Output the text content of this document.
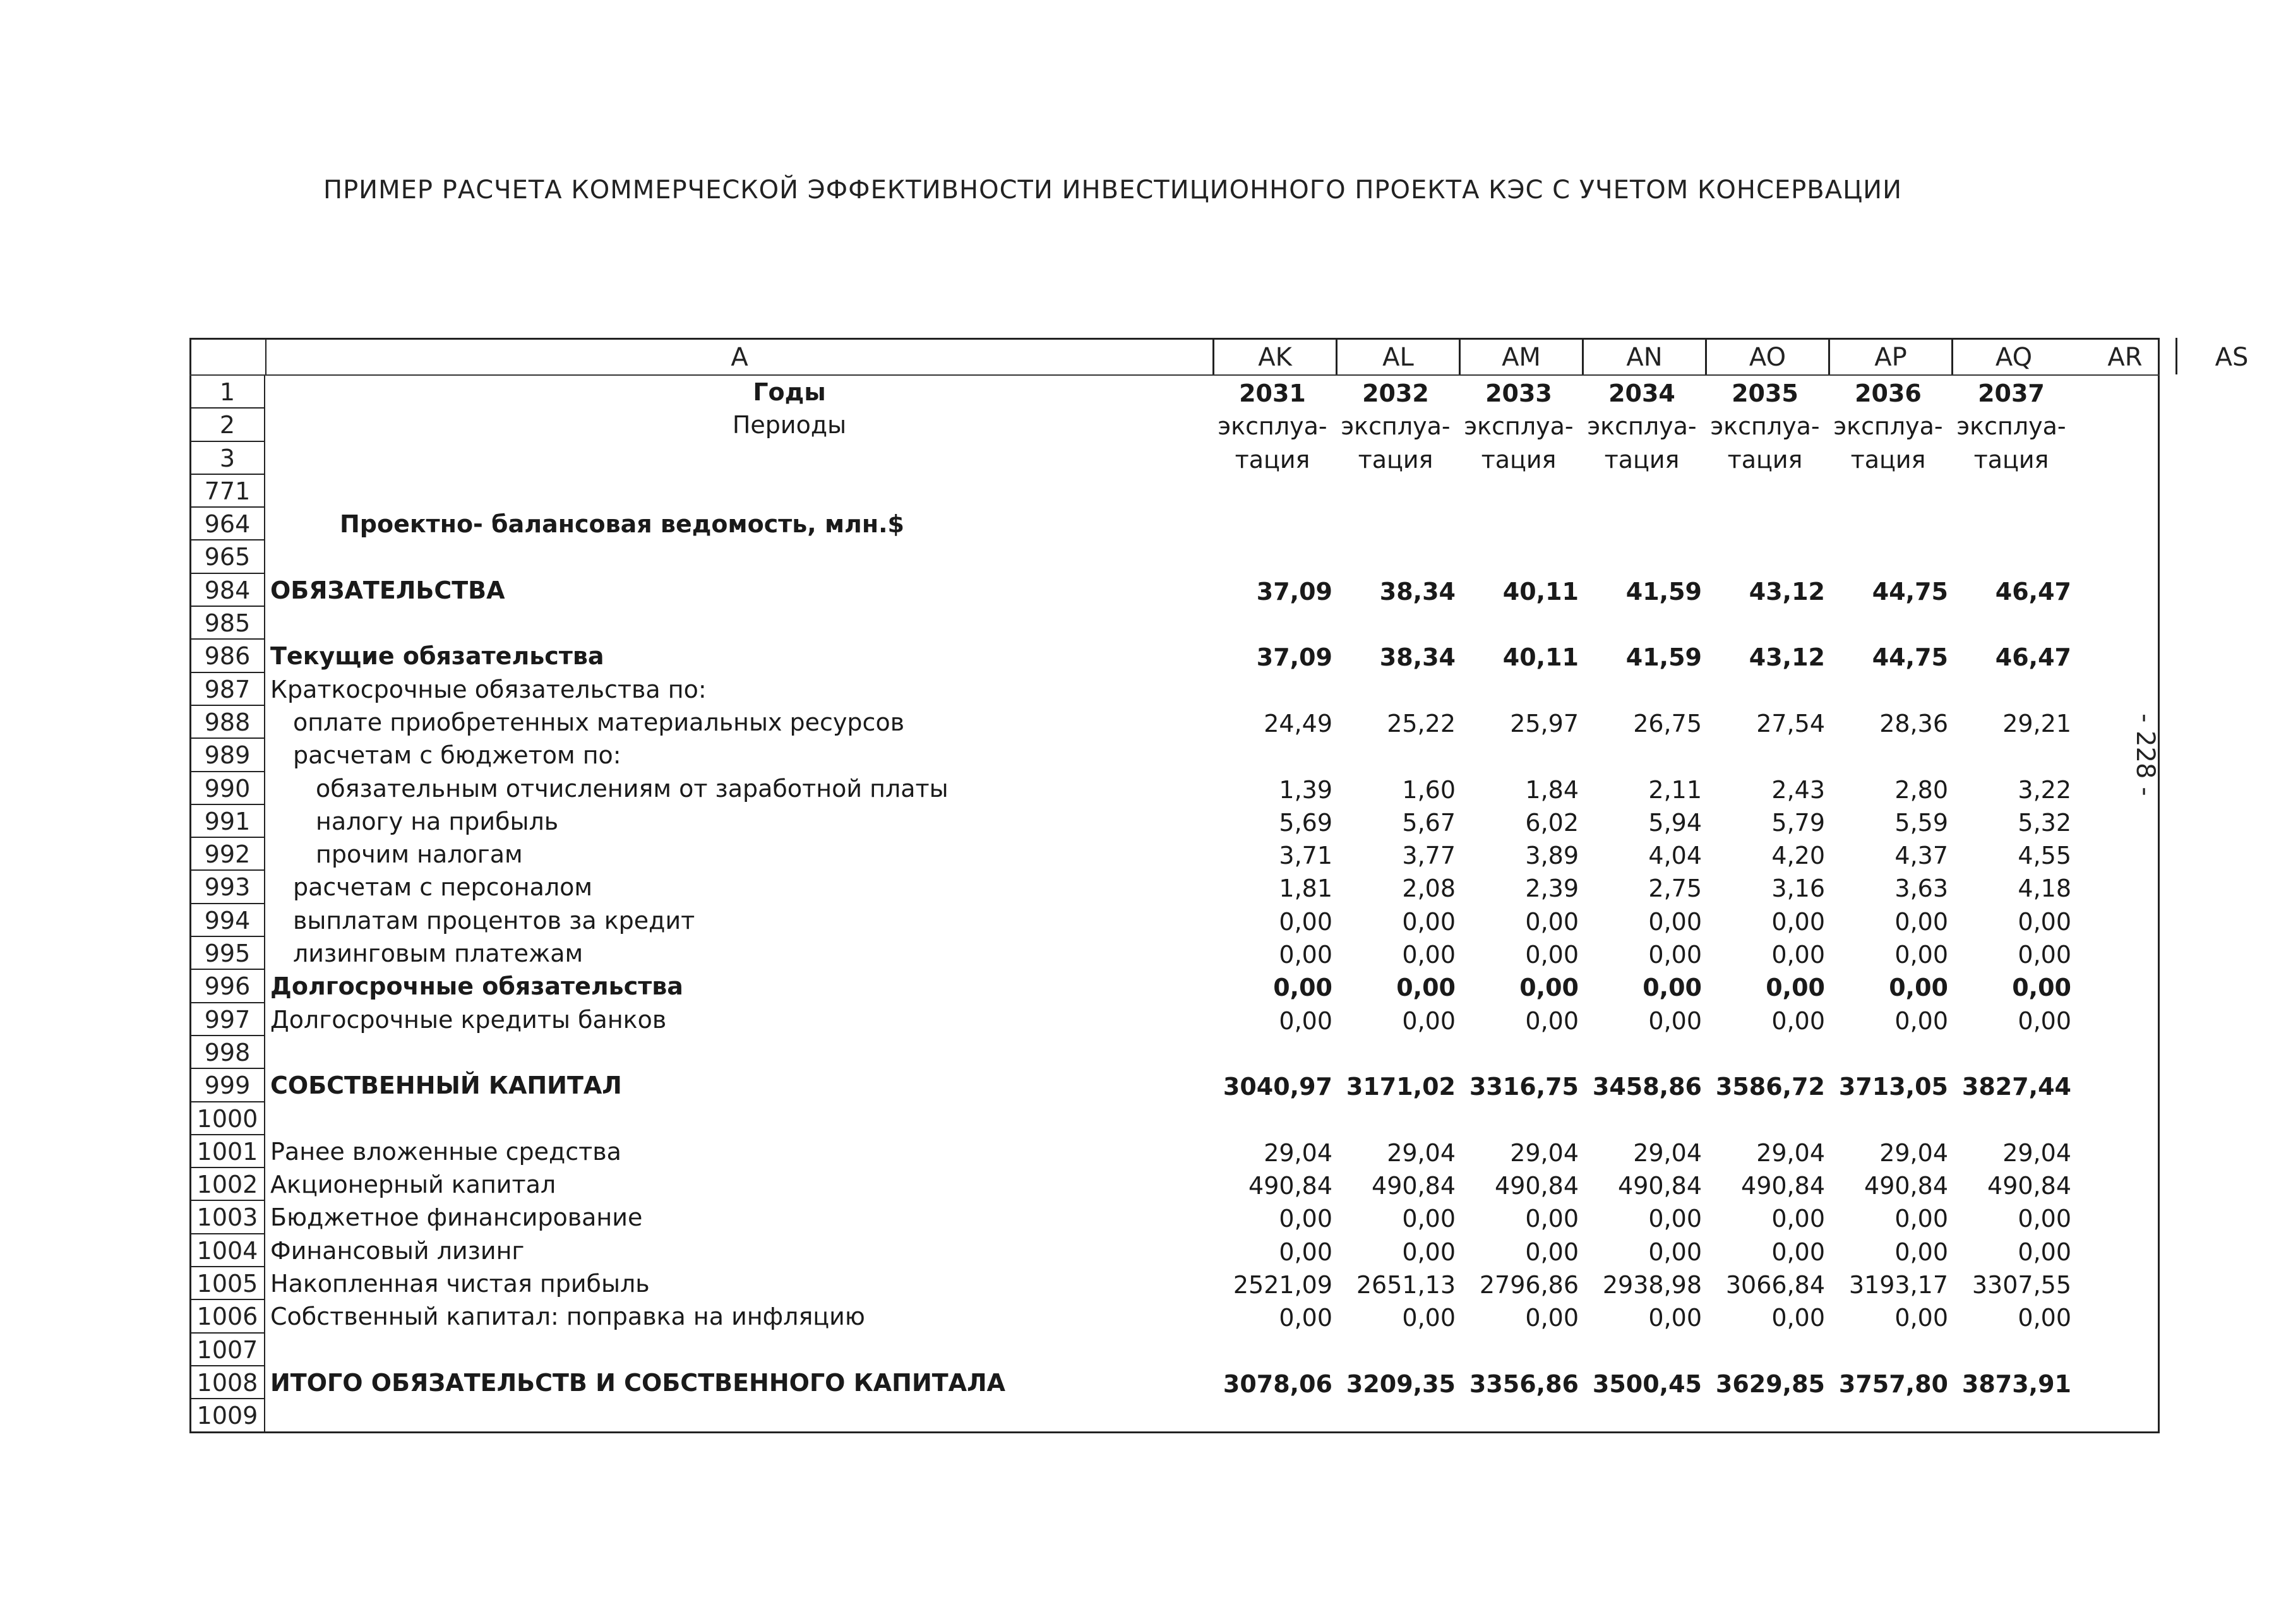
ПРИМЕР РАСЧЕТА КОММЕРЧЕСКОЙ ЭФФЕКТИВНОСТИ ИНВЕСТИЦИОННОГО ПРОЕКТА КЭС С УЧЕТОМ КОНСЕРВАЦИИ
- 228 -
A	AK	AL	AM	AN	AO	AP	AQ	AR	AS
1	Годы	2031	2032	2033	2034	2035	2036	2037
2	Периоды	эксплуа- эксплуа- эксплуа- эксплуа- эксплуа- эксплуа- эксплуа-
3	тация	тация	тация	тация	тация	тация	тация
771
964	Проектно- балансовая ведомость, млн.$
965
984 ОБЯЗАТЕЛЬСТВА	37,09	38,34	40,11	41,59	43,12	44,75	46,47
985
986 Текущие обязательства	37,09	38,34	40,11	41,59	43,12	44,75	46,47
987 Краткосрочные обязательства по:
988	оплате приобретенных материальных ресурсов	24,49	25,22	25,97	26,75	27,54	28,36	29,21
989	расчетам с бюджетом по:
990	обязательным отчислениям от заработной платы	1,39	1,60	1,84	2,11	2,43	2,80	3,22
991	налогу на прибыль	5,69	5,67	6,02	5,94	5,79	5,59	5,32
992	прочим налогам	3,71	3,77	3,89	4,04	4,20	4,37	4,55
993	расчетам с персоналом	1,81	2,08	2,39	2,75	3,16	3,63	4,18
994	выплатам процентов за кредит	0,00	0,00	0,00	0,00	0,00	0,00	0,00
995	лизинговым платежам	0,00	0,00	0,00	0,00	0,00	0,00	0,00
996 Долгосрочные обязательства	0,00	0,00	0,00	0,00	0,00	0,00	0,00
997 Долгосрочные кредиты банков	0,00	0,00	0,00	0,00	0,00	0,00	0,00
998
999 СОБСТВЕННЫЙ КАПИТАЛ	3040,97 3171,02 3316,75 3458,86 3586,72 3713,05 3827,44
1000
1001 Ранее вложенные средства	29,04	29,04	29,04	29,04	29,04	29,04	29,04
1002 Акционерный капитал	490,84	490,84	490,84	490,84	490,84	490,84	490,84
1003 Бюджетное финансирование	0,00	0,00	0,00	0,00	0,00	0,00	0,00
1004 Финансовый лизинг	0,00	0,00	0,00	0,00	0,00	0,00	0,00
1005 Накопленная чистая прибыль	2521,09 2651,13 2796,86 2938,98 3066,84 3193,17 3307,55
1006 Собственный капитал: поправка на инфляцию	0,00	0,00	0,00	0,00	0,00	0,00	0,00
1007
1008 ИТОГО ОБЯЗАТЕЛЬСТВ И СОБСТВЕННОГО КАПИТАЛА	3078,06 3209,35 3356,86 3500,45 3629,85 3757,80 3873,91
1009
